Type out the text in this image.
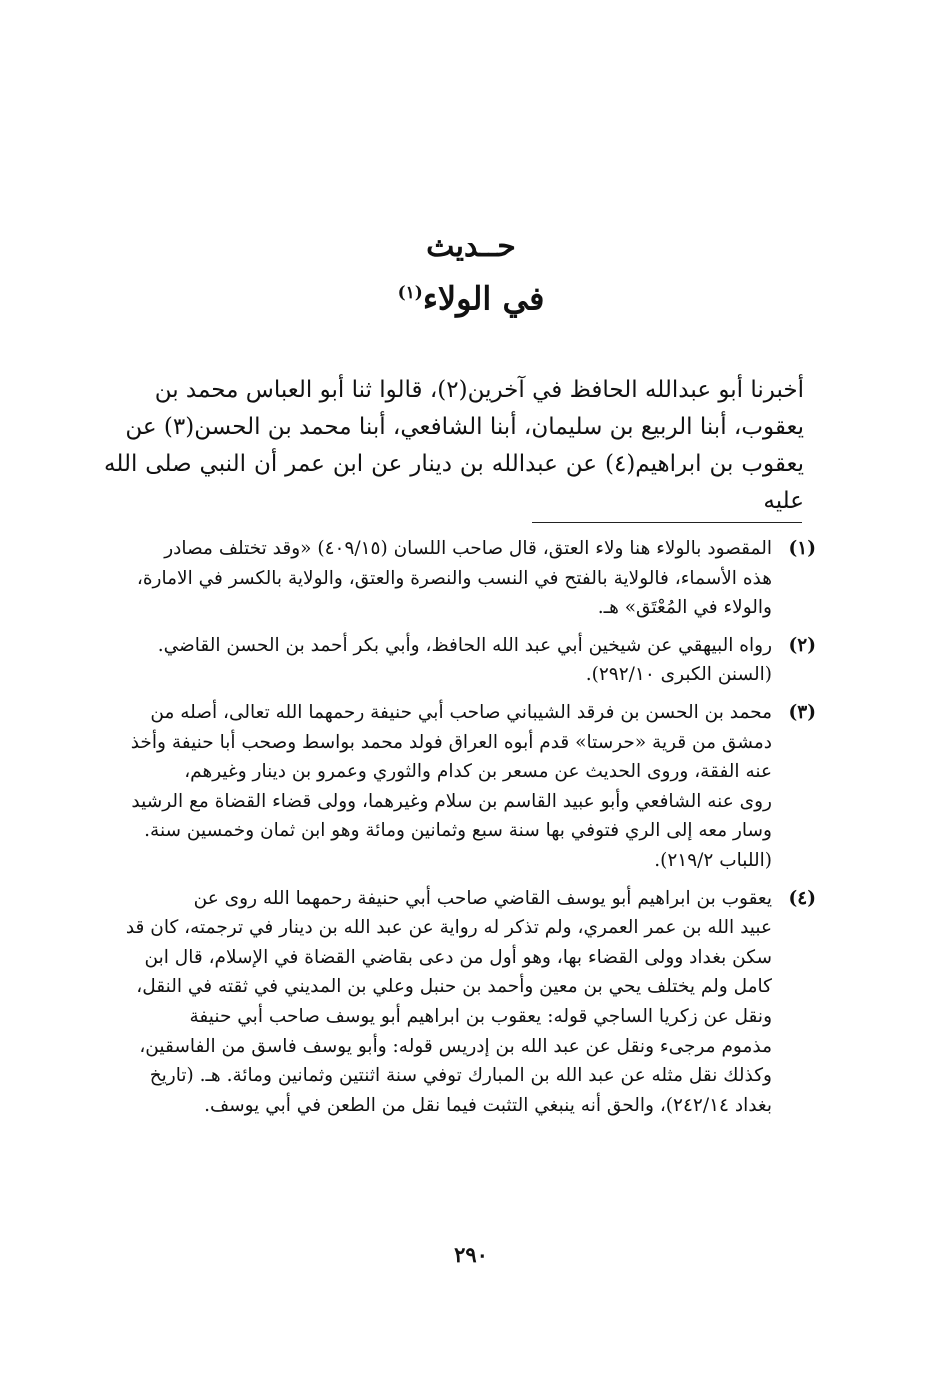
حــديث
في الولاء$^{(١)}$

أخبرنا أبو عبدالله الحافظ في آخرين(٢)، قالوا ثنا أبو العباس محمد بن

يعقوب، أبنا الربيع بن سليمان، أبنا الشافعي، أبنا محمد بن الحسن(٣) عن

يعقوب بن ابراهيم(٤) عن عبدالله بن دينار عن ابن عمر أن النبي صلى الله عليه

(١)

المقصود بالولاء هنا ولاء العتق، قال صاحب اللسان (٤٠٩/١٥) «وقد تختلف مصادر

هذه الأسماء، فالولاية بالفتح في النسب والنصرة والعتق، والولاية بالكسر في الامارة،

والولاء في المُعْتَق» هـ.

(٢)

رواه البيهقي عن شيخين أبي عبد الله الحافظ، وأبي بكر أحمد بن الحسن القاضي.

(السنن الكبرى ٢٩٢/١٠).

(٣)

محمد بن الحسن بن فرقد الشيباني صاحب أبي حنيفة رحمهما الله تعالى، أصله من

دمشق من قرية «حرستا» قدم أبوه العراق فولد محمد بواسط وصحب أبا حنيفة وأخذ

عنه الفقة، وروى الحديث عن مسعر بن كدام والثوري وعمرو بن دينار وغيرهم،

روى عنه الشافعي وأبو عبيد القاسم بن سلام وغيرهما، وولى قضاء القضاة مع الرشيد

وسار معه إلى الري فتوفي بها سنة سبع وثمانين ومائة وهو ابن ثمان وخمسين سنة.

(اللباب ٢١٩/٢).

(٤)

يعقوب بن ابراهيم أبو يوسف القاضي صاحب أبي حنيفة رحمهما الله روى عن

عبيد الله بن عمر العمري، ولم تذكر له رواية عن عبد الله بن دينار في ترجمته، كان قد

سكن بغداد وولى القضاء بها، وهو أول من دعى بقاضي القضاة في الإسلام، قال ابن

كامل ولم يختلف يحي بن معين وأحمد بن حنبل وعلي بن المديني في ثقته في النقل،

ونقل عن زكريا الساجي قوله: يعقوب بن ابراهيم أبو يوسف صاحب أبي حنيفة

مذموم مرجىء ونقل عن عبد الله بن إدريس قوله: وأبو يوسف فاسق من الفاسقين،

وكذلك نقل مثله عن عبد الله بن المبارك توفي سنة اثنتين وثمانين ومائة. هـ. (تاريخ

بغداد ٢٤٢/١٤)، والحق أنه ينبغي التثبت فيما نقل من الطعن في أبي يوسف.

٢٩٠
